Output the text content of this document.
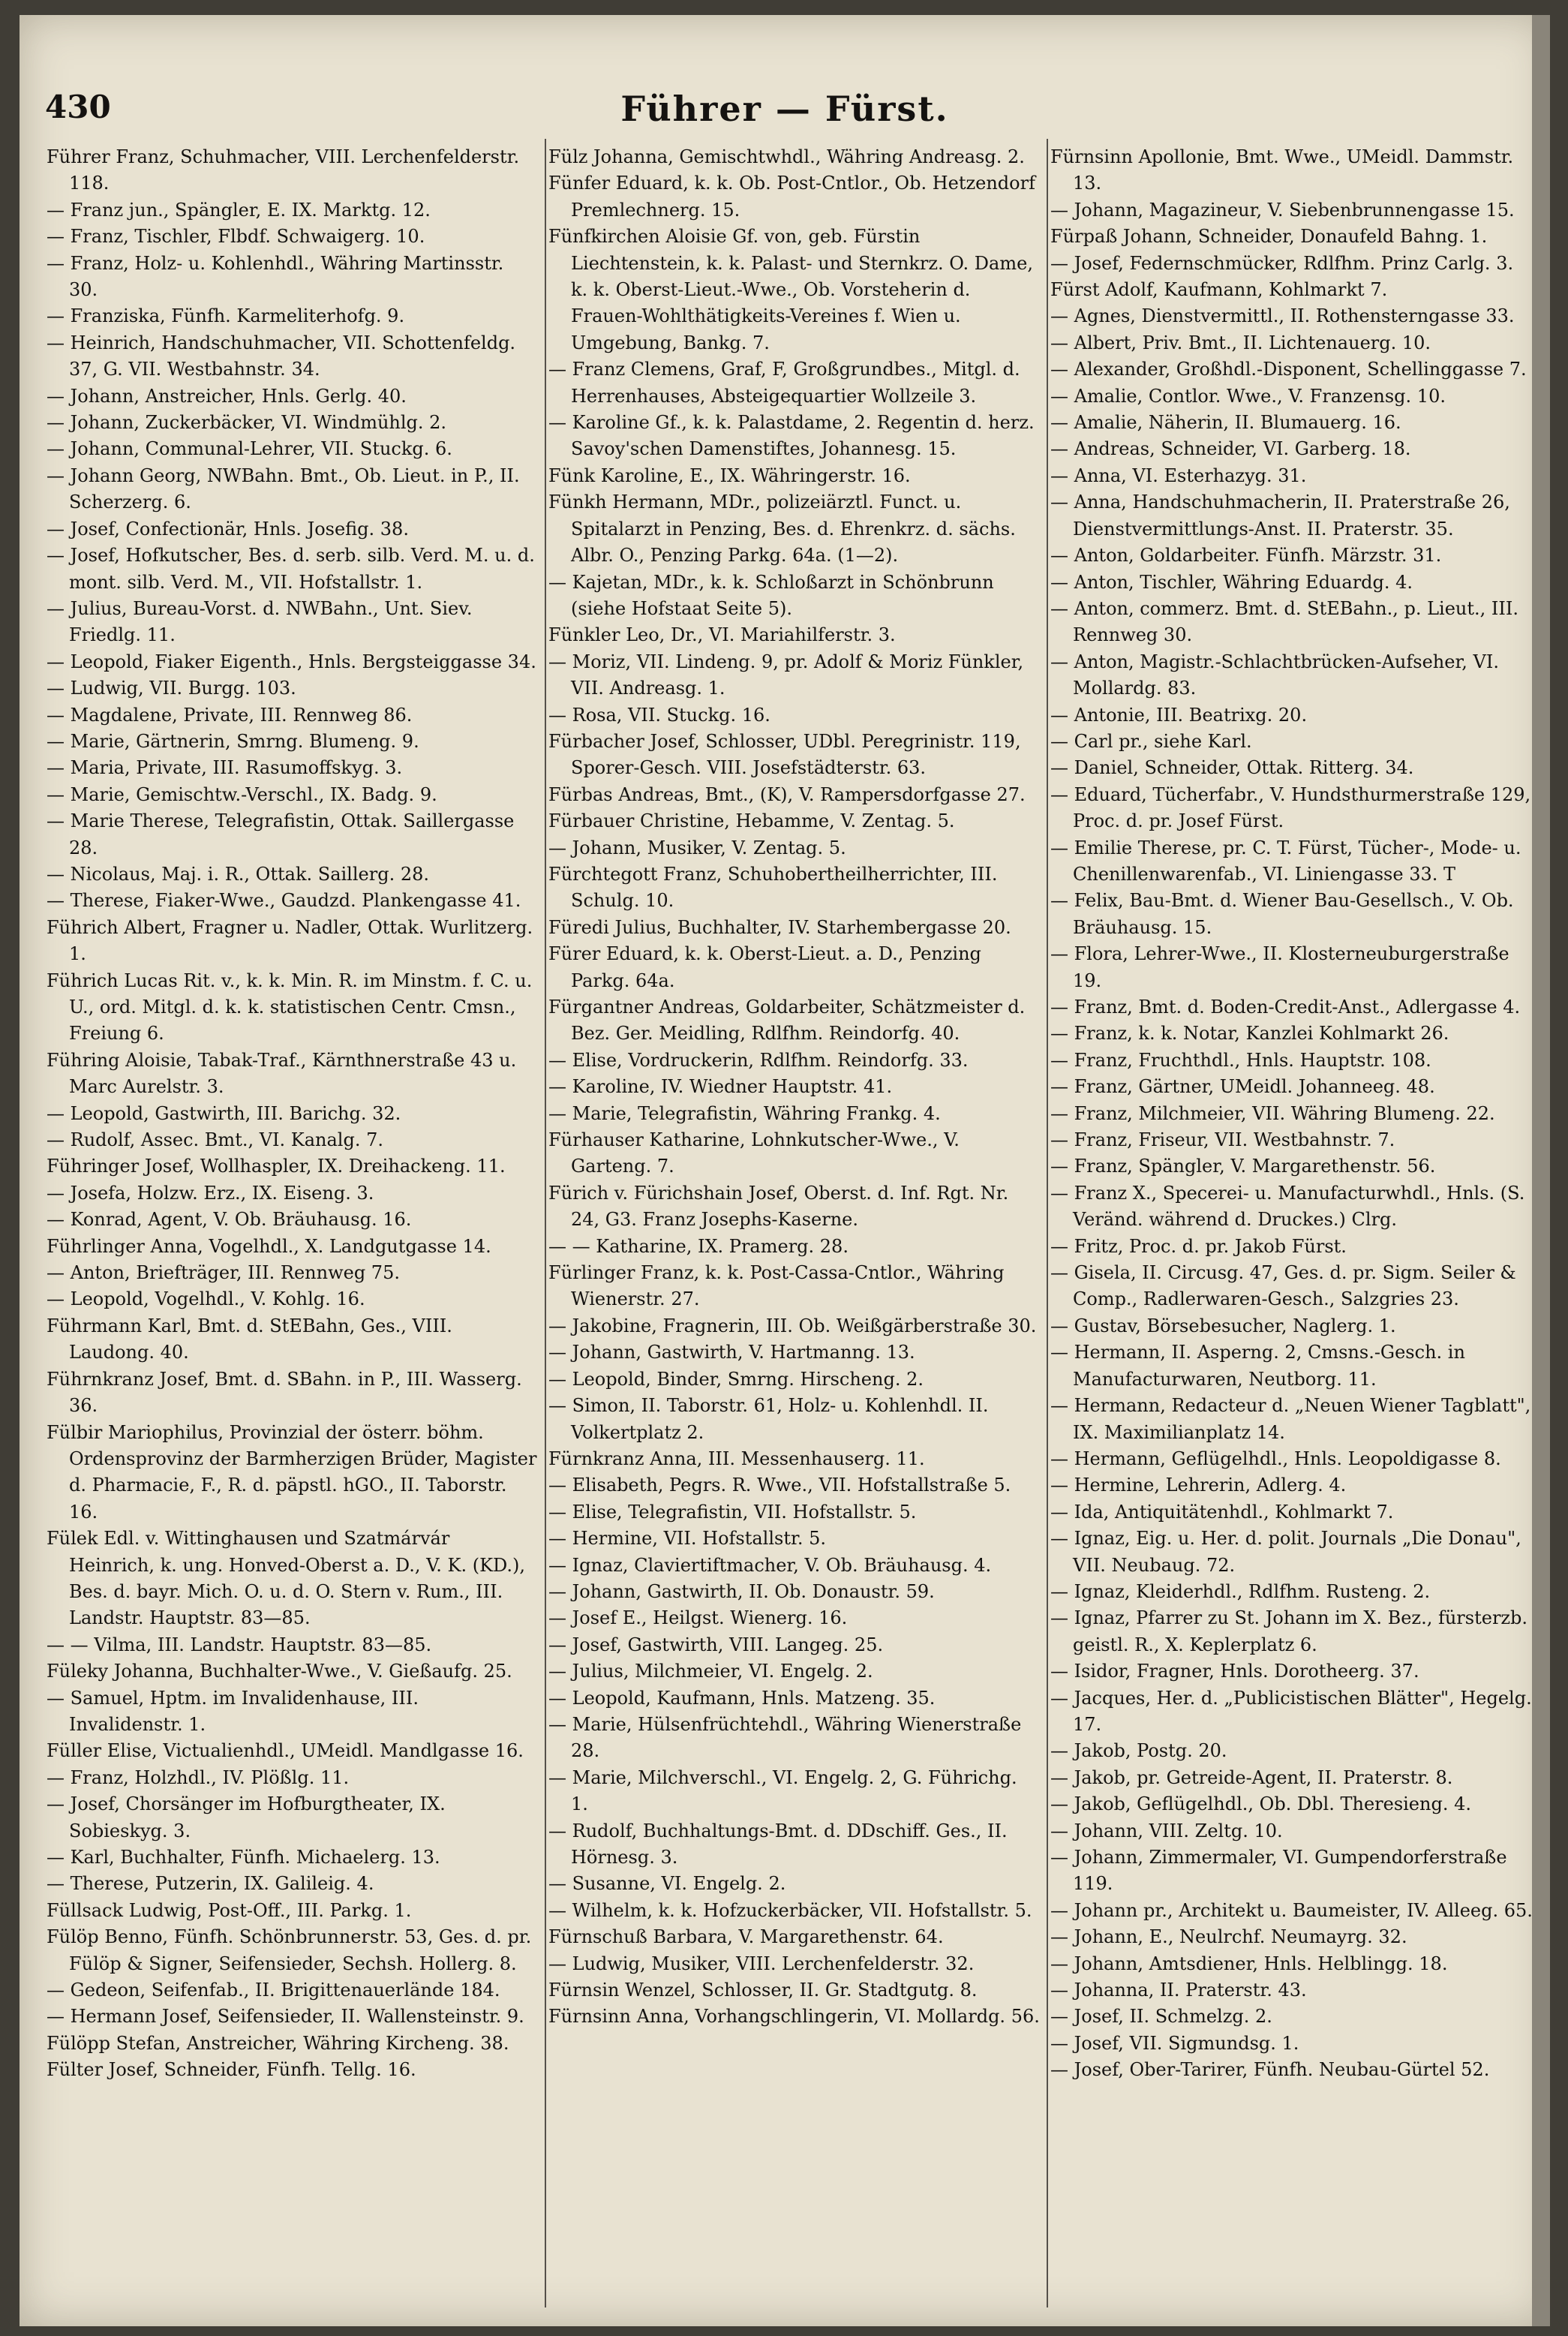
430	Führer — Fürst.

Führer Franz, Schuhmacher, VIII. Lerchenfelderstr. 118.

— Franz jun., Spängler, E. IX. Marktg. 12.

— Franz, Tischler, Flbdf. Schwaigerg. 10.

— Franz, Holz- u. Kohlenhdl., Währing Martinsstr. 30.

— Franziska, Fünfh. Karmeliterhofg. 9.

— Heinrich, Handschuhmacher, VII. Schottenfeldg. 37, G. VII. Westbahnstr. 34.

— Johann, Anstreicher, Hnls. Gerlg. 40.

— Johann, Zuckerbäcker, VI. Windmühlg. 2.

— Johann, Communal-Lehrer, VII. Stuckg. 6.

— Johann Georg, NWBahn. Bmt., Ob. Lieut. in P., II. Scherzerg. 6.

— Josef, Confectionär, Hnls. Josefig. 38.

— Josef, Hofkutscher, Bes. d. serb. silb. Verd. M. u. d. mont. silb. Verd. M., VII. Hofstallstr. 1.

— Julius, Bureau-Vorst. d. NWBahn., Unt. Siev. Friedlg. 11.

— Leopold, Fiaker Eigenth., Hnls. Bergsteiggasse 34.

— Ludwig, VII. Burgg. 103.

— Magdalene, Private, III. Rennweg 86.

— Marie, Gärtnerin, Smrng. Blumeng. 9.

— Maria, Private, III. Rasumoffskyg. 3.

— Marie, Gemischtw.-Verschl., IX. Badg. 9.

— Marie Therese, Telegrafistin, Ottak. Saillergasse 28.

— Nicolaus, Maj. i. R., Ottak. Saillerg. 28.

— Therese, Fiaker-Wwe., Gaudzd. Plankengasse 41.

Führich Albert, Fragner u. Nadler, Ottak. Wurlitzerg. 1.

Führich Lucas Rit. v., k. k. Min. R. im Minstm. f. C. u. U., ord. Mitgl. d. k. k. statistischen Centr. Cmsn., Freiung 6.

Führing Aloisie, Tabak-Traf., Kärnthnerstraße 43 u. Marc Aurelstr. 3.

— Leopold, Gastwirth, III. Barichg. 32.

— Rudolf, Assec. Bmt., VI. Kanalg. 7.

Führinger Josef, Wollhaspler, IX. Dreihackeng. 11.

— Josefa, Holzw. Erz., IX. Eiseng. 3.

— Konrad, Agent, V. Ob. Bräuhausg. 16.

Führlinger Anna, Vogelhdl., X. Landgutgasse 14.

— Anton, Briefträger, III. Rennweg 75.

— Leopold, Vogelhdl., V. Kohlg. 16.

Führmann Karl, Bmt. d. StEBahn, Ges., VIII. Laudong. 40.

Führnkranz Josef, Bmt. d. SBahn. in P., III. Wasserg. 36.

Fülbir Mariophilus, Provinzial der österr. böhm. Ordensprovinz der Barmherzigen Brüder, Magister d. Pharmacie, F., R. d. päpstl. hGO., II. Taborstr. 16.

Fülek Edl. v. Wittinghausen und Szatmárvár Heinrich, k. ung. Honved-Oberst a. D., V. K. (KD.), Bes. d. bayr. Mich. O. u. d. O. Stern v. Rum., III. Landstr. Hauptstr. 83—85.

— — Vilma, III. Landstr. Hauptstr. 83—85.

Füleky Johanna, Buchhalter-Wwe., V. Gießaufg. 25.

— Samuel, Hptm. im Invalidenhause, III. Invalidenstr. 1.

Füller Elise, Victualienhdl., UMeidl. Mandlgasse 16.

— Franz, Holzhdl., IV. Plößlg. 11.

— Josef, Chorsänger im Hofburgtheater, IX. Sobieskyg. 3.

— Karl, Buchhalter, Fünfh. Michaelerg. 13.

— Therese, Putzerin, IX. Galileig. 4.

Füllsack Ludwig, Post-Off., III. Parkg. 1.

Fülöp Benno, Fünfh. Schönbrunnerstr. 53, Ges. d. pr. Fülöp & Signer, Seifensieder, Sechsh. Hollerg. 8.

— Gedeon, Seifenfab., II. Brigittenauerlände 184.

— Hermann Josef, Seifensieder, II. Wallensteinstr. 9.

Fülöpp Stefan, Anstreicher, Währing Kircheng. 38.

Fülter Josef, Schneider, Fünfh. Tellg. 16.

Fülz Johanna, Gemischtwhdl., Währing Andreasg. 2.

Fünfer Eduard, k. k. Ob. Post-Cntlor., Ob. Hetzendorf Premlechnerg. 15.

Fünfkirchen Aloisie Gf. von, geb. Fürstin Liechtenstein, k. k. Palast- und Sternkrz. O. Dame, k. k. Oberst-Lieut.-Wwe., Ob. Vorsteherin d. Frauen-Wohlthätigkeits-Vereines f. Wien u. Umgebung, Bankg. 7.

— Franz Clemens, Graf, F, Großgrundbes., Mitgl. d. Herrenhauses, Absteigequartier Wollzeile 3.

— Karoline Gf., k. k. Palastdame, 2. Regentin d. herz. Savoy'schen Damenstiftes, Johannesg. 15.

Fünk Karoline, E., IX. Währingerstr. 16.

Fünkh Hermann, MDr., polizeiärztl. Funct. u. Spitalarzt in Penzing, Bes. d. Ehrenkrz. d. sächs. Albr. O., Penzing Parkg. 64a. (1—2).

— Kajetan, MDr., k. k. Schloßarzt in Schönbrunn (siehe Hofstaat Seite 5).

Fünkler Leo, Dr., VI. Mariahilferstr. 3.

— Moriz, VII. Lindeng. 9, pr. Adolf & Moriz Fünkler, VII. Andreasg. 1.

— Rosa, VII. Stuckg. 16.

Fürbacher Josef, Schlosser, UDbl. Peregrinistr. 119, Sporer-Gesch. VIII. Josefstädterstr. 63.

Fürbas Andreas, Bmt., (K), V. Rampersdorfgasse 27.

Fürbauer Christine, Hebamme, V. Zentag. 5.

— Johann, Musiker, V. Zentag. 5.

Fürchtegott Franz, Schuhobertheilherrichter, III. Schulg. 10.

Füredi Julius, Buchhalter, IV. Starhembergasse 20.

Fürer Eduard, k. k. Oberst-Lieut. a. D., Penzing Parkg. 64a.

Fürgantner Andreas, Goldarbeiter, Schätzmeister d. Bez. Ger. Meidling, Rdlfhm. Reindorfg. 40.

— Elise, Vordruckerin, Rdlfhm. Reindorfg. 33.

— Karoline, IV. Wiedner Hauptstr. 41.

— Marie, Telegrafistin, Währing Frankg. 4.

Fürhauser Katharine, Lohnkutscher-Wwe., V. Garteng. 7.

Fürich v. Fürichshain Josef, Oberst. d. Inf. Rgt. Nr. 24, G3. Franz Josephs-Kaserne.

— — Katharine, IX. Pramerg. 28.

Fürlinger Franz, k. k. Post-Cassa-Cntlor., Währing Wienerstr. 27.

— Jakobine, Fragnerin, III. Ob. Weißgärberstraße 30.

— Johann, Gastwirth, V. Hartmanng. 13.

— Leopold, Binder, Smrng. Hirscheng. 2.

— Simon, II. Taborstr. 61, Holz- u. Kohlenhdl. II. Volkertplatz 2.

Fürnkranz Anna, III. Messenhauserg. 11.

— Elisabeth, Pegrs. R. Wwe., VII. Hofstallstraße 5.

— Elise, Telegrafistin, VII. Hofstallstr. 5.

— Hermine, VII. Hofstallstr. 5.

— Ignaz, Claviertiftmacher, V. Ob. Bräuhausg. 4.

— Johann, Gastwirth, II. Ob. Donaustr. 59.

— Josef E., Heilgst. Wienerg. 16.

— Josef, Gastwirth, VIII. Langeg. 25.

— Julius, Milchmeier, VI. Engelg. 2.

— Leopold, Kaufmann, Hnls. Matzeng. 35.

— Marie, Hülsenfrüchtehdl., Währing Wienerstraße 28.

— Marie, Milchverschl., VI. Engelg. 2, G. Führichg. 1.

— Rudolf, Buchhaltungs-Bmt. d. DDschiff. Ges., II. Hörnesg. 3.

— Susanne, VI. Engelg. 2.

— Wilhelm, k. k. Hofzuckerbäcker, VII. Hofstallstr. 5.

Fürnschuß Barbara, V. Margarethenstr. 64.

— Ludwig, Musiker, VIII. Lerchenfelderstr. 32.

Fürnsin Wenzel, Schlosser, II. Gr. Stadtgutg. 8.

Fürnsinn Anna, Vorhangschlingerin, VI. Mollardg. 56.

Fürnsinn Apollonie, Bmt. Wwe., UMeidl. Dammstr. 13.

— Johann, Magazineur, V. Siebenbrunnengasse 15.

Fürpaß Johann, Schneider, Donaufeld Bahng. 1.

— Josef, Federnschmücker, Rdlfhm. Prinz Carlg. 3.

Fürst Adolf, Kaufmann, Kohlmarkt 7.

— Agnes, Dienstvermittl., II. Rothensterngasse 33.

— Albert, Priv. Bmt., II. Lichtenauerg. 10.

— Alexander, Großhdl.-Disponent, Schellinggasse 7.

— Amalie, Contlor. Wwe., V. Franzensg. 10.

— Amalie, Näherin, II. Blumauerg. 16.

— Andreas, Schneider, VI. Garberg. 18.

— Anna, VI. Esterhazyg. 31.

— Anna, Handschuhmacherin, II. Praterstraße 26, Dienstvermittlungs-Anst. II. Praterstr. 35.

— Anton, Goldarbeiter. Fünfh. Märzstr. 31.

— Anton, Tischler, Währing Eduardg. 4.

— Anton, commerz. Bmt. d. StEBahn., p. Lieut., III. Rennweg 30.

— Anton, Magistr.-Schlachtbrücken-Aufseher, VI. Mollardg. 83.

— Antonie, III. Beatrixg. 20.

— Carl pr., siehe Karl.

— Daniel, Schneider, Ottak. Ritterg. 34.

— Eduard, Tücherfabr., V. Hundsthurmerstraße 129, Proc. d. pr. Josef Fürst.

— Emilie Therese, pr. C. T. Fürst, Tücher-, Mode- u. Chenillenwarenfab., VI. Liniengasse 33. T

— Felix, Bau-Bmt. d. Wiener Bau-Gesellsch., V. Ob. Bräuhausg. 15.

— Flora, Lehrer-Wwe., II. Klosterneuburgerstraße 19.

— Franz, Bmt. d. Boden-Credit-Anst., Adlergasse 4.

— Franz, k. k. Notar, Kanzlei Kohlmarkt 26.

— Franz, Fruchthdl., Hnls. Hauptstr. 108.

— Franz, Gärtner, UMeidl. Johanneeg. 48.

— Franz, Milchmeier, VII. Währing Blumeng. 22.

— Franz, Friseur, VII. Westbahnstr. 7.

— Franz, Spängler, V. Margarethenstr. 56.

— Franz X., Specerei- u. Manufacturwhdl., Hnls. (S. Veränd. während d. Druckes.) Clrg.

— Fritz, Proc. d. pr. Jakob Fürst.

— Gisela, II. Circusg. 47, Ges. d. pr. Sigm. Seiler & Comp., Radlerwaren-Gesch., Salzgries 23.

— Gustav, Börsebesucher, Naglerg. 1.

— Hermann, II. Asperng. 2, Cmsns.-Gesch. in Manufacturwaren, Neutborg. 11.

— Hermann, Redacteur d. „Neuen Wiener Tagblatt", IX. Maximilianplatz 14.

— Hermann, Geflügelhdl., Hnls. Leopoldigasse 8.

— Hermine, Lehrerin, Adlerg. 4.

— Ida, Antiquitätenhdl., Kohlmarkt 7.

— Ignaz, Eig. u. Her. d. polit. Journals „Die Donau", VII. Neubaug. 72.

— Ignaz, Kleiderhdl., Rdlfhm. Rusteng. 2.

— Ignaz, Pfarrer zu St. Johann im X. Bez., fürsterzb. geistl. R., X. Keplerplatz 6.

— Isidor, Fragner, Hnls. Dorotheerg. 37.

— Jacques, Her. d. „Publicistischen Blätter", Hegelg. 17.

— Jakob, Postg. 20.

— Jakob, pr. Getreide-Agent, II. Praterstr. 8.

— Jakob, Geflügelhdl., Ob. Dbl. Theresieng. 4.

— Johann, VIII. Zeltg. 10.

— Johann, Zimmermaler, VI. Gumpendorferstraße 119.

— Johann pr., Architekt u. Baumeister, IV. Alleeg. 65.

— Johann, E., Neulrchf. Neumayrg. 32.

— Johann, Amtsdiener, Hnls. Helblingg. 18.

— Johanna, II. Praterstr. 43.

— Josef, II. Schmelzg. 2.

— Josef, VII. Sigmundsg. 1.

— Josef, Ober-Tarirer, Fünfh. Neubau-Gürtel 52.
